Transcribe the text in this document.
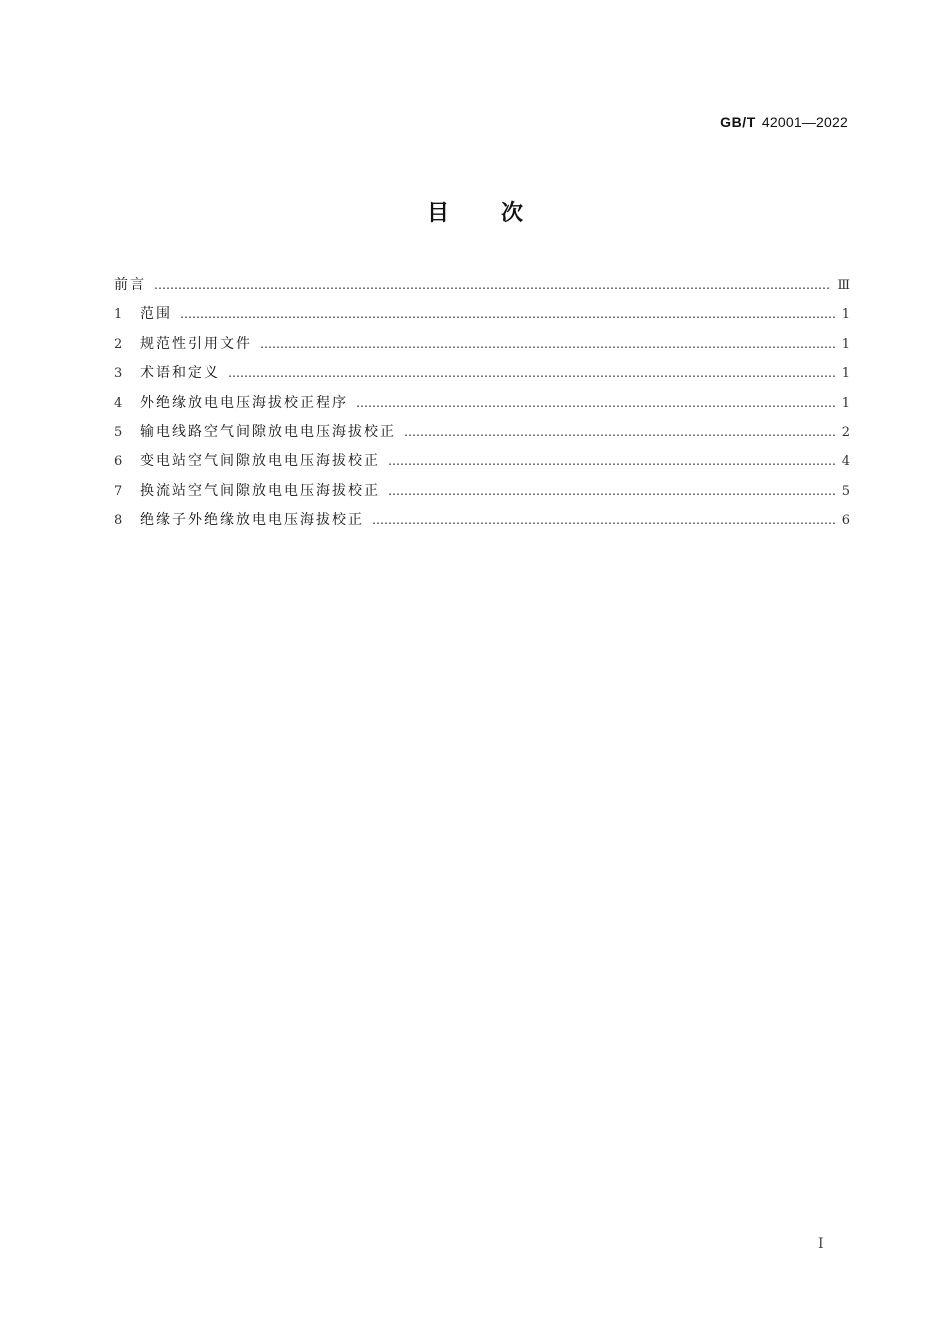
GB/T 42001—2022
目次
前言 ……………………………………………………………………………………………………………………………………………………………………………………………………………	Ⅲ
1	范围 ……………………………………………………………………………………………………………………………………………………………………………………………………………	1
2	规范性引用文件 ……………………………………………………………………………………………………………………………………………………………………………………………………………	1
3	术语和定义 ……………………………………………………………………………………………………………………………………………………………………………………………………………	1
4	外绝缘放电电压海拔校正程序 ……………………………………………………………………………………………………………………………………………………………………………………………………………	1
5	输电线路空气间隙放电电压海拔校正 ……………………………………………………………………………………………………………………………………………………………………………………………………………	2
6	变电站空气间隙放电电压海拔校正 ……………………………………………………………………………………………………………………………………………………………………………………………………………	4
7	换流站空气间隙放电电压海拔校正 ……………………………………………………………………………………………………………………………………………………………………………………………………………	5
8	绝缘子外绝缘放电电压海拔校正 ……………………………………………………………………………………………………………………………………………………………………………………………………………	6
Ⅰ
